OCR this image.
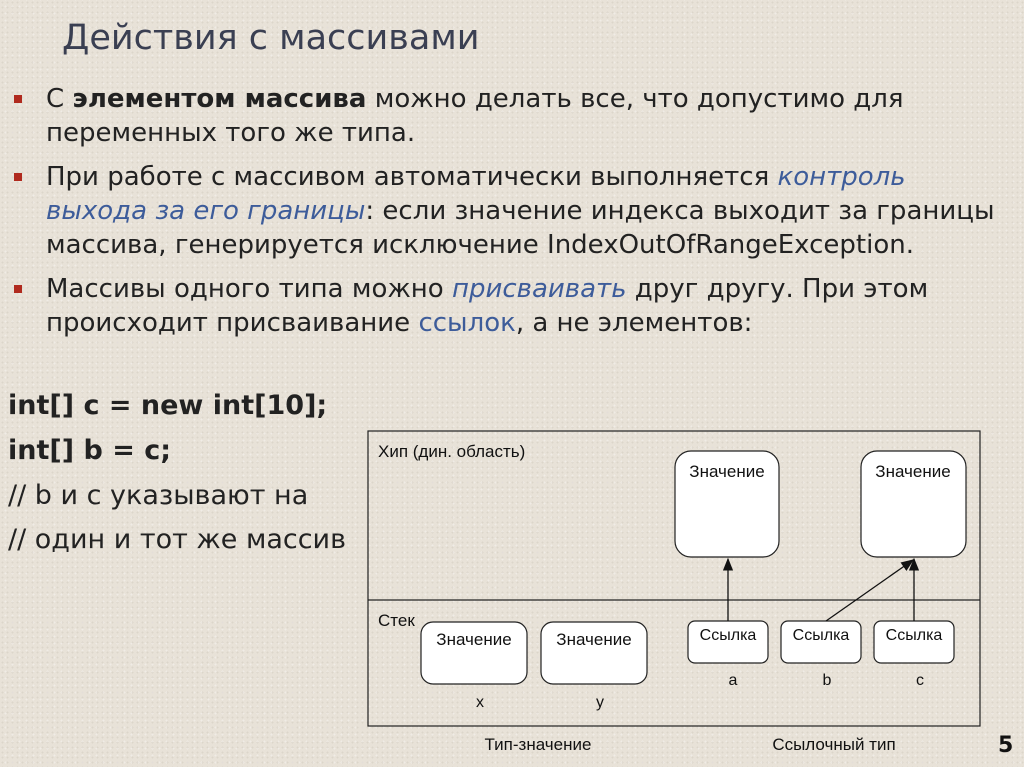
Действия с массивами
С элементом массива можно делать все, что допустимо для переменных того же типа.
При работе с массивом автоматически выполняется контроль выхода за его границы: если значение индекса выходит за границы массива, генерируется исключение IndexOutOfRangeException.
Массивы одного типа можно присваивать друг другу. При этом происходит присваивание ссылок, а не элементов:
int[] c = new int[10];
int[] b = c;
// b и с указывают на
// один и тот же массив
Хип (дин. область)
Стек
Значение	Значение
Значение	Значение	Ссылка Ссылка Ссылка
x	y
a	b	c
Тип-значение	Ссылочный тип	5
